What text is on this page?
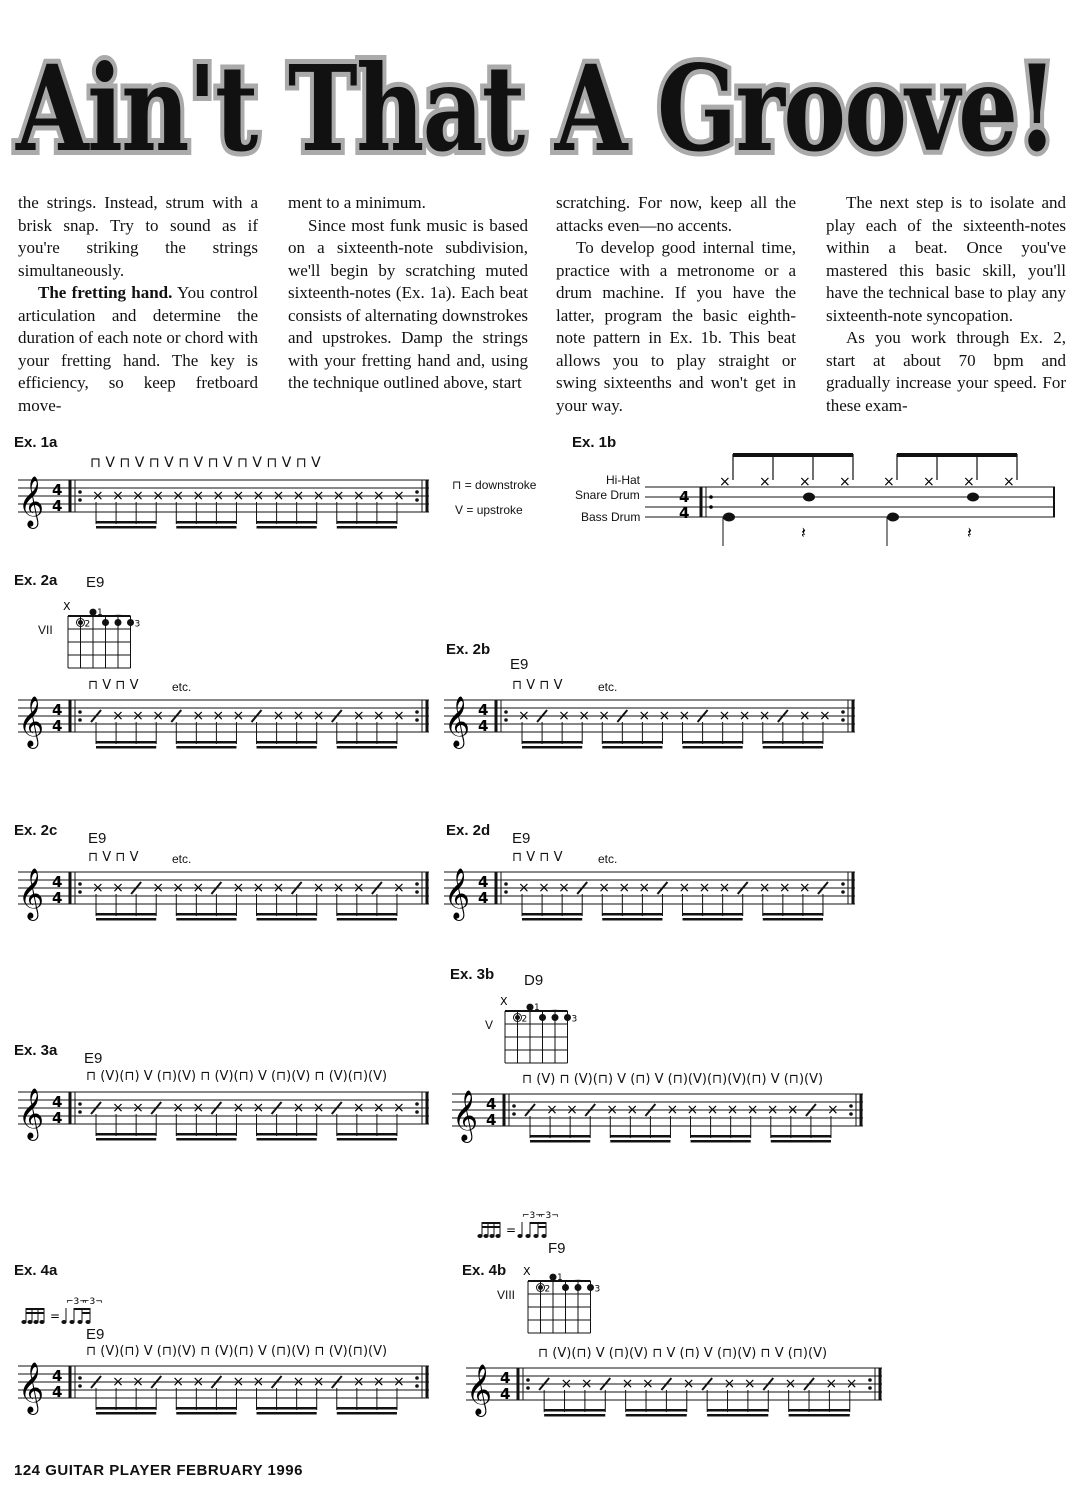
Ain't That A Groove!

the strings. Instead, strum with a brisk snap. Try to sound as if you're striking the strings simultaneously.

The fretting hand. You control articulation and determine the duration of each note or chord with your fretting hand. The key is efficiency, so keep fretboard move-

ment to a minimum.

Since most funk music is based on a sixteenth-note subdivision, we'll begin by scratching muted sixteenth-notes (Ex. 1a). Each beat consists of alternating downstrokes and upstrokes. Damp the strings with your fretting hand and, using the technique outlined above, start

scratching. For now, keep all the attacks even—no accents.

To develop good internal time, practice with a metronome or a drum machine. If you have the latter, program the basic eighth-note pattern in Ex. 1b. This beat allows you to play straight or swing sixteenths and won't get in your way.

The next step is to isolate and play each of the sixteenth-notes within a beat. Once you've mastered this basic skill, you'll have the technical base to play any sixteenth-note syncopation.

As you work through Ex. 2, start at about 70 bpm and gradually increase your speed. For these exam-

Ex. 1a
⊓ V ⊓ V ⊓ V ⊓ V ⊓ V ⊓ V ⊓ V ⊓ V
𝄞 4
4
× × × × × × × × × × × × × × × ×
⊓ = downstroke
V = upstroke
Ex. 1b
Hi-Hat
Snare Drum
Bass Drum
4
4
× × × × × × × ×
𝄽	𝄽
Ex. 2a E9
VII
X
2
1
3
⊓ V ⊓ V	etc.
𝄞 4
4
× × × × × × × × × × × ×
Ex. 2b
E9
⊓ V ⊓ V	etc.
𝄞 4
4
× × × × × × × × × × × ×
Ex. 2c E9
⊓ V ⊓ V	etc.
𝄞 4
4
× × × × × × × × × × × ×
Ex. 2d E9
⊓ V ⊓ V	etc.
𝄞 4
4
× × × × × × × × × × × ×
Ex. 3a E9
⊓ (V)(⊓) V (⊓)(V) ⊓ (V)(⊓) V (⊓)(V) ⊓ (V)(⊓)(V)
𝄞 4
4
× × × × × × × × × × ×
Ex. 3b D9
V
X
2
1
3
⊓ (V) ⊓ (V)(⊓) V (⊓) V (⊓)(V)(⊓)(V)(⊓) V (⊓)(V)
𝄞 4
4
× × × × × × × × × × × ×
Ex. 4a
=
⌐3¬
⌐3¬
E9
⊓ (V)(⊓) V (⊓)(V) ⊓ (V)(⊓) V (⊓)(V) ⊓ (V)(⊓)(V)
𝄞 4
4
× × × × × × × × × × ×
=
⌐3¬
⌐3¬
F9
Ex. 4b
VIII
X
2
1
3
⊓ (V)(⊓) V (⊓)(V) ⊓ V (⊓) V (⊓)(V) ⊓ V (⊓)(V)
𝄞 4
4
× × × × × × × × × ×
124 GUITAR PLAYER FEBRUARY 1996
